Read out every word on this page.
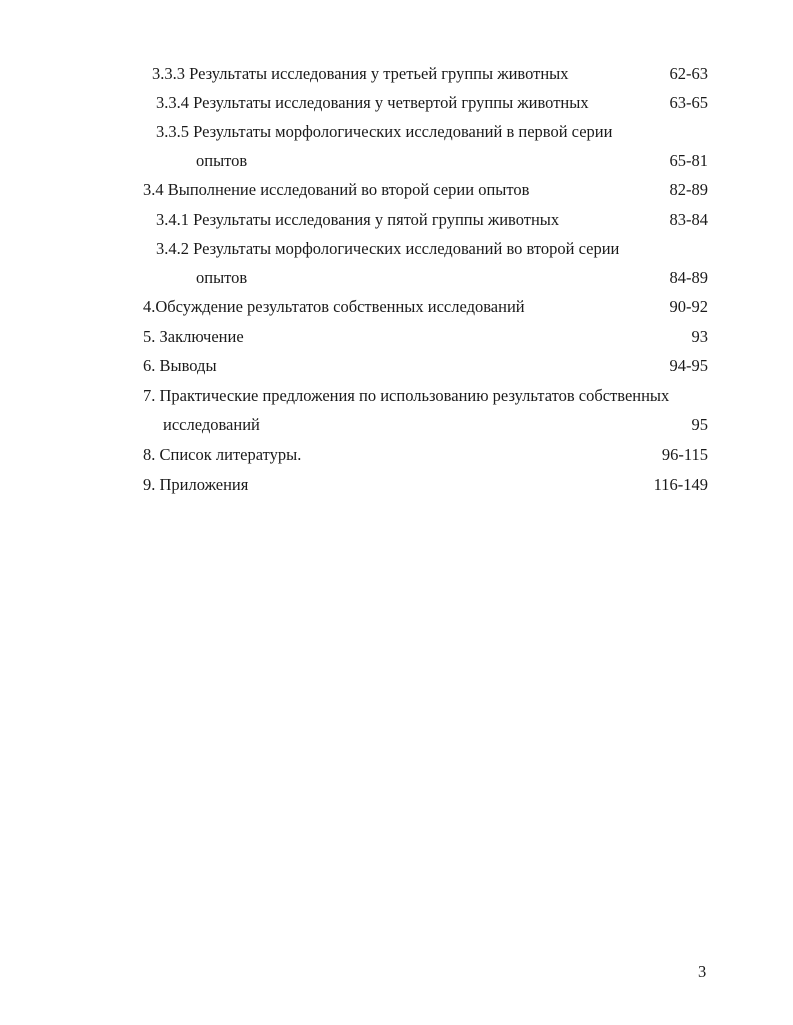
3.3.3 Результаты исследования у третьей группы животных	62-63
3.3.4 Результаты исследования у четвертой группы животных	63-65
3.3.5 Результаты морфологических исследований в первой серии
опытов	65-81
3.4 Выполнение исследований во второй серии опытов	82-89
3.4.1 Результаты исследования у пятой группы животных	83-84
3.4.2 Результаты морфологических исследований во второй серии
опытов	84-89
4.Обсуждение результатов собственных исследований	90-92
5. Заключение	93
6. Выводы	94-95
7. Практические предложения по использованию результатов собственных
исследований	95
8. Список литературы.	96-115
9. Приложения	116-149
3
